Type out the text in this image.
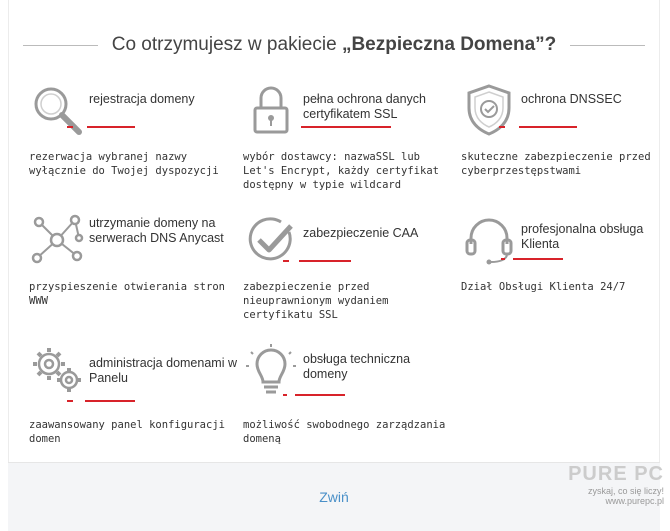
Co otrzymujesz w pakiecie „Bezpieczna Domena”?
rejestracja domeny
rezerwacja wybranej nazwy wyłącznie do Twojej dyspozycji
pełna ochrona danych certyfikatem SSL
wybór dostawcy: nazwaSSL lub Let's Encrypt, każdy certyfikat dostępny w typie wildcard
ochrona DNSSEC
skuteczne zabezpieczenie przed cyberprzestępstwami
utrzymanie domeny na serwerach DNS Anycast
przyspieszenie otwierania stron WWW
zabezpieczenie CAA
zabezpieczenie przed nieuprawnionym wydaniem certyfikatu SSL
profesjonalna obsługa Klienta
Dział Obsługi Klienta 24/7
administracja domenami w Panelu
zaawansowany panel konfiguracji domen
obsługa techniczna domeny
możliwość swobodnego zarządzania domeną
Zwiń
PURE PC
zyskaj, co się liczy!
www.purepc.pl
